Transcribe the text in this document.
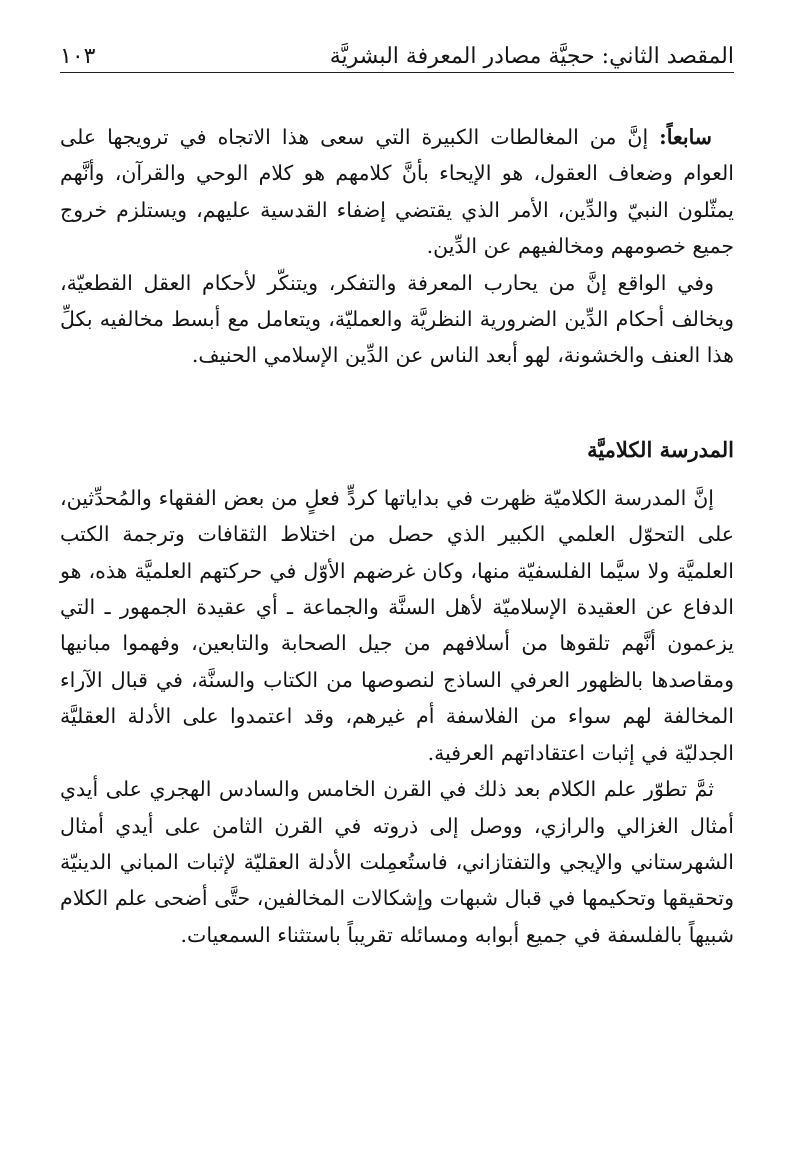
المقصد الثاني: حجيَّة مصادر المعرفة البشريَّة
١٠٣

سابعاً: إنَّ من المغالطات الكبيرة التي سعى هذا الاتجاه في ترويجها على العوام وضعاف العقول، هو الإيحاء بأنَّ كلامهم هو كلام الوحي والقرآن، وأنَّهم يمثّلون النبيّ والدِّين، الأمر الذي يقتضي إضفاء القدسية عليهم، ويستلزم خروج جميع خصومهم ومخالفيهم عن الدِّين.

وفي الواقع إنَّ من يحارب المعرفة والتفكر، ويتنكّر لأحكام العقل القطعيّة، ويخالف أحكام الدِّين الضرورية النظريَّة والعمليّة، ويتعامل مع أبسط مخالفيه بكلِّ هذا العنف والخشونة، لهو أبعد الناس عن الدِّين الإسلامي الحنيف.

المدرسة الكلاميَّة

إنَّ المدرسة الكلاميّة ظهرت في بداياتها كردٍّ فعلٍ من بعض الفقهاء والمُحدِّثين، على التحوّل العلمي الكبير الذي حصل من اختلاط الثقافات وترجمة الكتب العلميَّة ولا سيَّما الفلسفيّة منها، وكان غرضهم الأوّل في حركتهم العلميَّة هذه، هو الدفاع عن العقيدة الإسلاميّة لأهل السنَّة والجماعة ـ أي عقيدة الجمهور ـ التي يزعمون أنَّهم تلقوها من أسلافهم من جيل الصحابة والتابعين، وفهموا مبانيها ومقاصدها بالظهور العرفي الساذج لنصوصها من الكتاب والسنَّة، في قبال الآراء المخالفة لهم سواء من الفلاسفة أم غيرهم، وقد اعتمدوا على الأدلة العقليَّة الجدليّة في إثبات اعتقاداتهم العرفية.

ثمَّ تطوّر علم الكلام بعد ذلك في القرن الخامس والسادس الهجري على أيدي أمثال الغزالي والرازي، ووصل إلى ذروته في القرن الثامن على أيدي أمثال الشهرستاني والإيجي والتفتازاني، فاستُعمِلت الأدلة العقليّة لإثبات المباني الدينيّة وتحقيقها وتحكيمها في قبال شبهات وإشكالات المخالفين، حتَّى أضحى علم الكلام شبيهاً بالفلسفة في جميع أبوابه ومسائله تقريباً باستثناء السمعيات.
